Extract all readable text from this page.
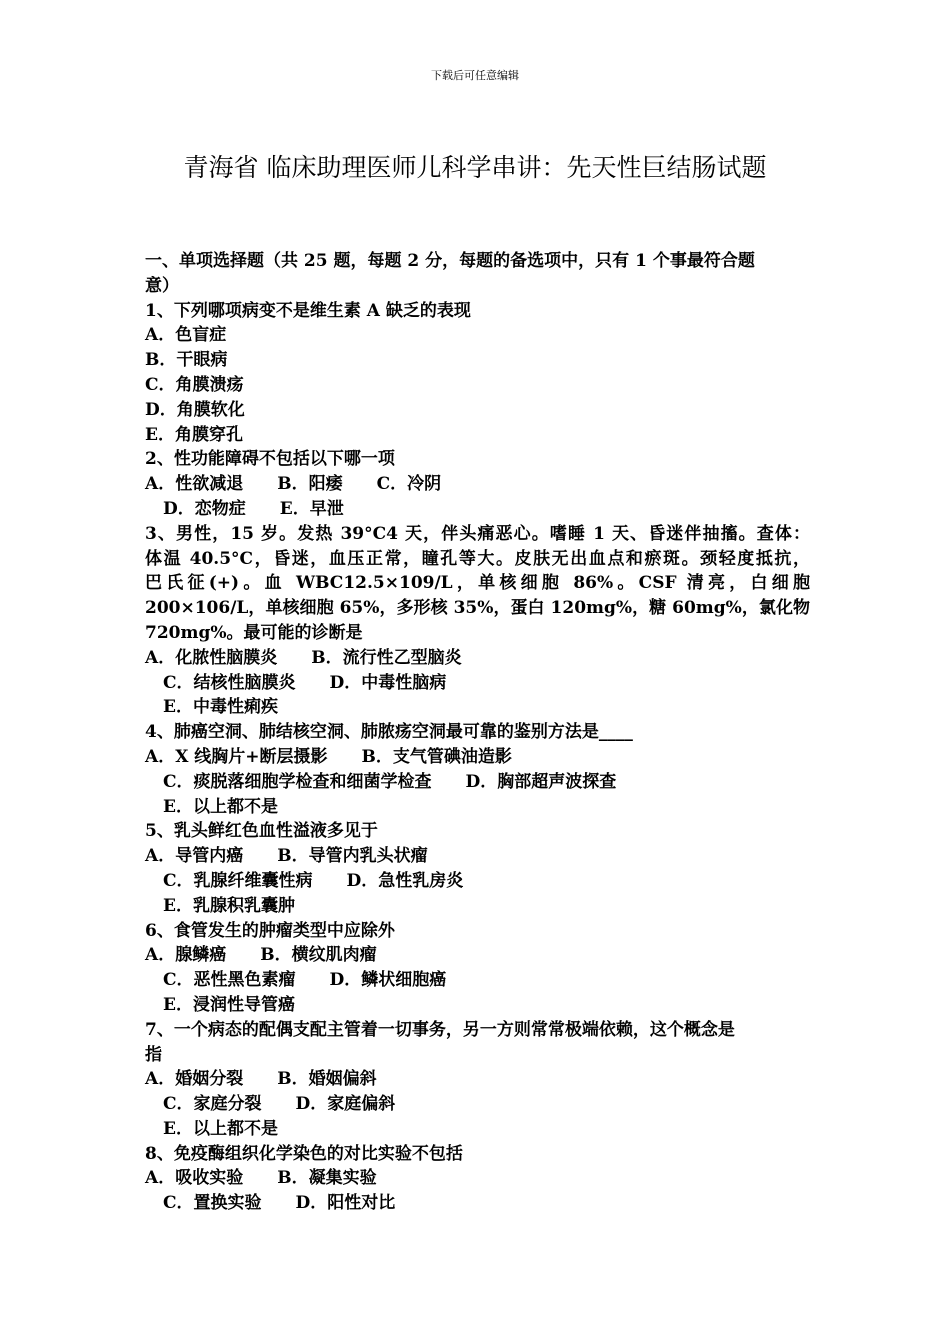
下载后可任意编辑
青海省 临床助理医师儿科学串讲：先天性巨结肠试题
一、单项选择题（共 25 题，每题 2 分，每题的备选项中，只有 1 个事最符合题
意）
1、下列哪项病变不是维生素 A 缺乏的表现
A．色盲症
B．干眼病
C．角膜溃疡
D．角膜软化
E．角膜穿孔
2、性功能障碍不包括以下哪一项
A．性欲减退 B．阳痿 C．冷阴
D．恋物症 E．早泄
3、男性，15 岁。发热 39°C4 天，伴头痛恶心。嗜睡 1 天、昏迷伴抽搐。查体：
体温 40.5°C，昏迷，血压正常，瞳孔等大。皮肤无出血点和瘀斑。颈轻度抵抗，
巴氏征(+)。血 WBC12.5×109/L，单核细胞 86%。CSF 清亮，白细胞
200×106/L，单核细胞 65%，多形核 35%，蛋白 120mg%，糖 60mg%，氯化物
720mg%。最可能的诊断是
A．化脓性脑膜炎 B．流行性乙型脑炎
C．结核性脑膜炎 D．中毒性脑病
E．中毒性痢疾
4、肺癌空洞、肺结核空洞、肺脓疡空洞最可靠的鉴别方法是____
A．X 线胸片+断层摄影 B．支气管碘油造影
C．痰脱落细胞学检查和细菌学检查 D．胸部超声波探查
E．以上都不是
5、乳头鲜红色血性溢液多见于
A．导管内癌 B．导管内乳头状瘤
C．乳腺纤维囊性病 D．急性乳房炎
E．乳腺积乳囊肿
6、食管发生的肿瘤类型中应除外
A．腺鳞癌 B．横纹肌肉瘤
C．恶性黑色素瘤 D．鳞状细胞癌
E．浸润性导管癌
7、一个病态的配偶支配主管着一切事务，另一方则常常极端依赖，这个概念是
指
A．婚姻分裂 B．婚姻偏斜
C．家庭分裂 D．家庭偏斜
E．以上都不是
8、免疫酶组织化学染色的对比实验不包括
A．吸收实验 B．凝集实验
C．置换实验 D．阳性对比
